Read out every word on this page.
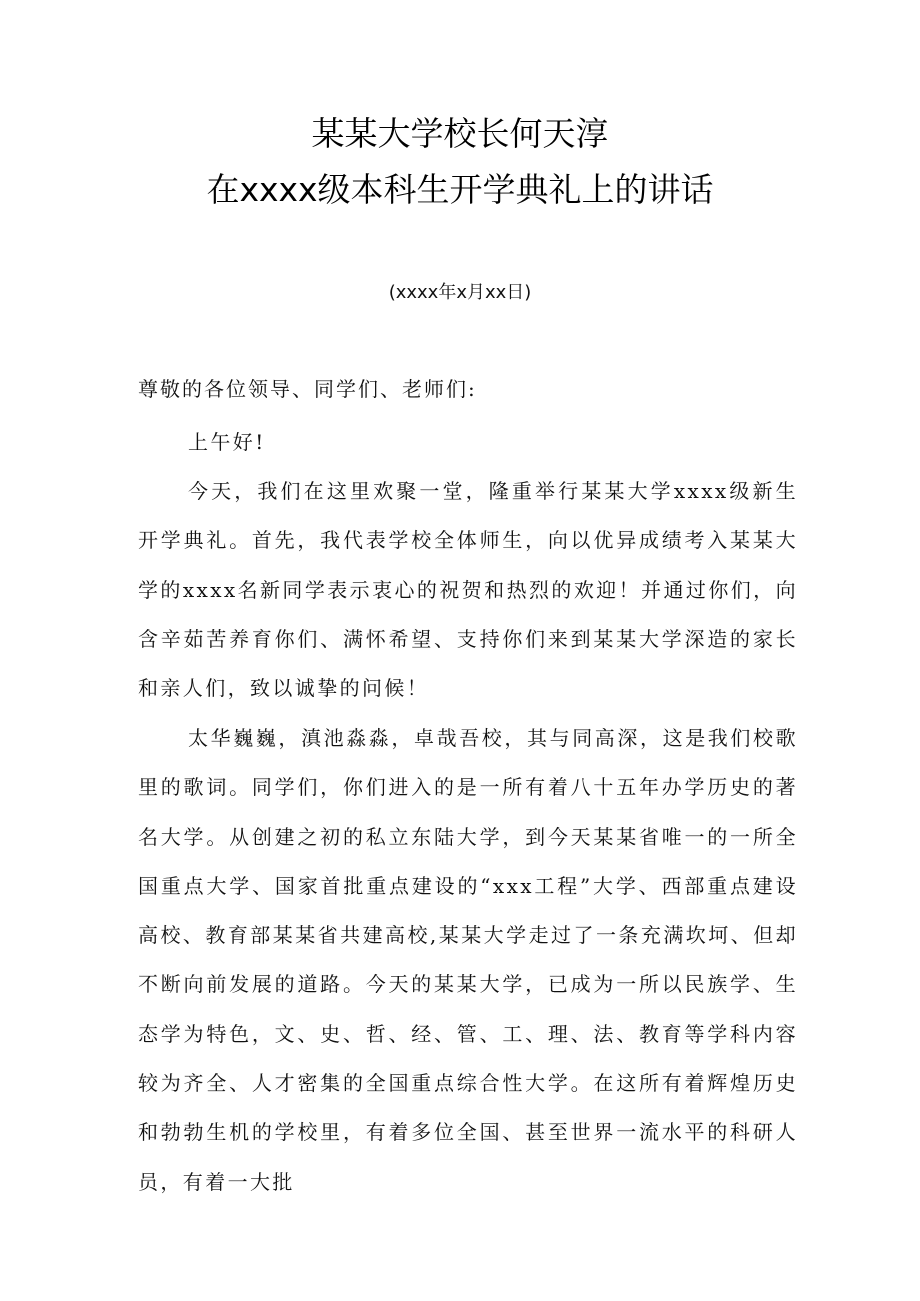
某某大学校长何天淳
在xxxx级本科生开学典礼上的讲话
(xxxx年x月xx日)
尊敬的各位领导、同学们、老师们:

上午好!

今天，我们在这里欢聚一堂，隆重举行某某大学xxxx级新生开学典礼。首先，我代表学校全体师生，向以优异成绩考入某某大学的xxxx名新同学表示衷心的祝贺和热烈的欢迎！并通过你们，向含辛茹苦养育你们、满怀希望、支持你们来到某某大学深造的家长和亲人们，致以诚挚的问候！

太华巍巍，滇池淼淼，卓哉吾校，其与同高深，这是我们校歌里的歌词。同学们，你们进入的是一所有着八十五年办学历史的著名大学。从创建之初的私立东陆大学，到今天某某省唯一的一所全国重点大学、国家首批重点建设的“xxx工程”大学、西部重点建设高校、教育部某某省共建高校,某某大学走过了一条充满坎坷、但却不断向前发展的道路。今天的某某大学，已成为一所以民族学、生态学为特色，文、史、哲、经、管、工、理、法、教育等学科内容较为齐全、人才密集的全国重点综合性大学。在这所有着辉煌历史和勃勃生机的学校里，有着多位全国、甚至世界一流水平的科研人员，有着一大批
